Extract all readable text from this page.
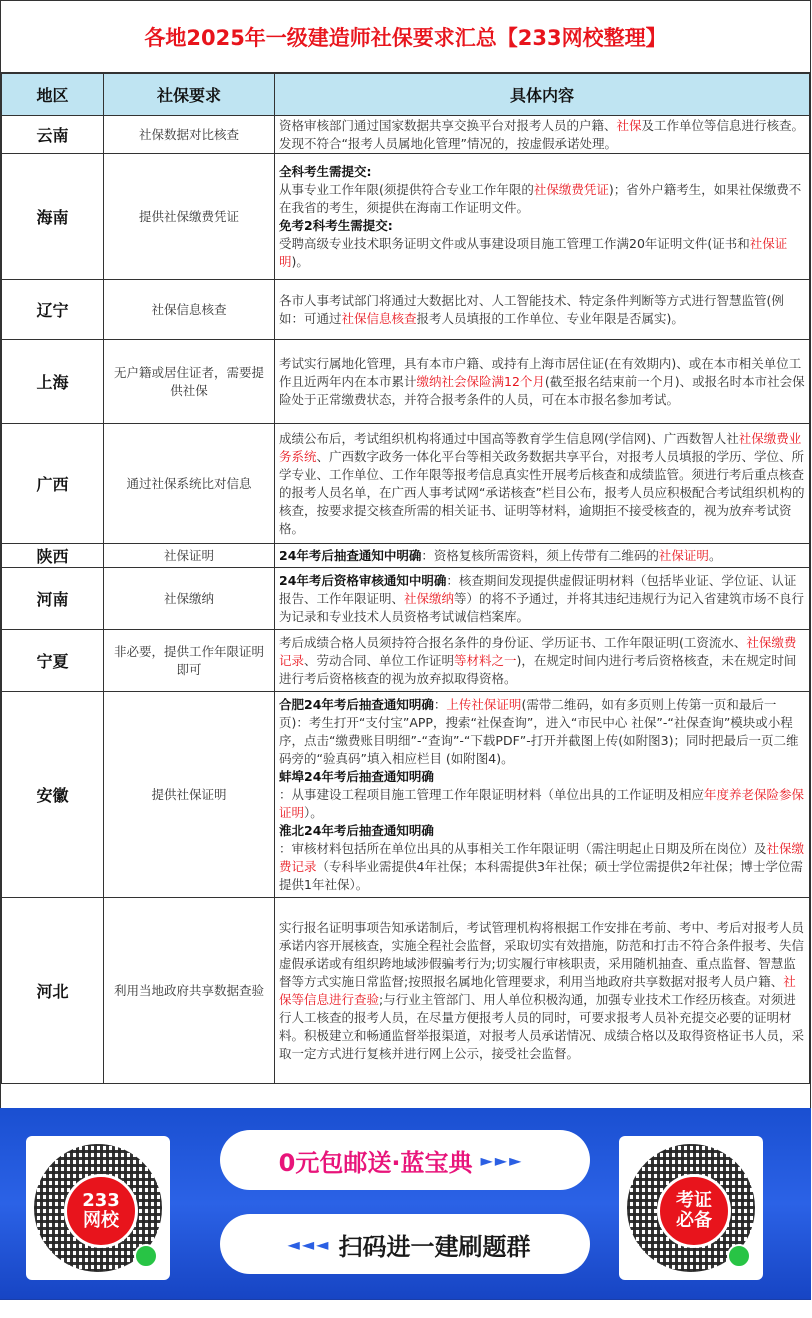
各地2025年一级建造师社保要求汇总【233网校整理】
地区	社保要求	具体内容
云南	社保数据对比核查	资格审核部门通过国家数据共享交换平台对报考人员的户籍、社保及工作单位等信息进行核查。发现不符合“报考人员属地化管理”情况的，按虚假承诺处理。
海南	提供社保缴费凭证	全科考生需提交:
从事专业工作年限(须提供符合专业工作年限的社保缴费凭证)；省外户籍考生，如果社保缴费不在我省的考生，须提供在海南工作证明文件。
免考2科考生需提交:
受聘高级专业技术职务证明文件或从事建设项目施工管理工作满20年证明文件(证书和社保证明)。
辽宁	社保信息核查	各市人事考试部门将通过大数据比对、人工智能技术、特定条件判断等方式进行智慧监管(例如：可通过社保信息核查报考人员填报的工作单位、专业年限是否属实)。
上海	无户籍或居住证者，需要提供社保	考试实行属地化管理，具有本市户籍、或持有上海市居住证(在有效期内)、或在本市相关单位工作且近两年内在本市累计缴纳社会保险满12个月(截至报名结束前一个月)、或报名时本市社会保险处于正常缴费状态，并符合报考条件的人员，可在本市报名参加考试。
广西	通过社保系统比对信息	成绩公布后，考试组织机构将通过中国高等教育学生信息网(学信网)、广西数智人社社保缴费业务系统、广西数字政务一体化平台等相关政务数据共享平台，对报考人员填报的学历、学位、所学专业、工作单位、工作年限等报考信息真实性开展考后核查和成绩监管。须进行考后重点核查的报考人员名单，在广西人事考试网“承诺核查”栏目公布，报考人员应积极配合考试组织机构的核查，按要求提交核查所需的相关证书、证明等材料，逾期拒不接受核查的，视为放弃考试资格。
陕西	社保证明	24年考后抽查通知中明确：资格复核所需资料，须上传带有二维码的社保证明。
河南	社保缴纳	24年考后资格审核通知中明确：核查期间发现提供虚假证明材料（包括毕业证、学位证、认证报告、工作年限证明、社保缴纳等）的将不予通过，并将其违纪违规行为记入省建筑市场不良行为记录和专业技术人员资格考试诚信档案库。
宁夏	非必要，提供工作年限证明即可	考后成绩合格人员须持符合报名条件的身份证、学历证书、工作年限证明(工资流水、社保缴费记录、劳动合同、单位工作证明等材料之一)，在规定时间内进行考后资格核查，未在规定时间进行考后资格核查的视为放弃拟取得资格。
安徽	提供社保证明	合肥24年考后抽查通知明确：上传社保证明(需带二维码，如有多页则上传第一页和最后一页)：考生打开“支付宝”APP，搜索“社保查询”，进入“市民中心 社保”-“社保查询”模块或小程序，点击“缴费账目明细”-“查询”-“下载PDF”-打开并截图上传(如附图3)；同时把最后一页二维码旁的“验真码”填入相应栏目 (如附图4)。
蚌埠24年考后抽查通知明确
：从事建设工程项目施工管理工作年限证明材料（单位出具的工作证明及相应年度养老保险参保证明）。
淮北24年考后抽查通知明确
：审核材料包括所在单位出具的从事相关工作年限证明（需注明起止日期及所在岗位）及社保缴费记录（专科毕业需提供4年社保；本科需提供3年社保；硕士学位需提供2年社保；博士学位需提供1年社保）。
河北	利用当地政府共享数据查验	实行报名证明事项告知承诺制后，考试管理机构将根据工作安排在考前、考中、考后对报考人员承诺内容开展核查，实施全程社会监督，采取切实有效措施，防范和打击不符合条件报考、失信虚假承诺或有组织跨地域涉假骗考行为;切实履行审核职责，采用随机抽查、重点监督、智慧监督等方式实施日常监督;按照报名属地化管理要求，利用当地政府共享数据对报考人员户籍、社保等信息进行查验;与行业主管部门、用人单位积极沟通，加强专业技术工作经历核查。对须进行人工核查的报考人员，在尽量方便报考人员的同时，可要求报考人员补充提交必要的证明材料。积极建立和畅通监督举报渠道，对报考人员承诺情况、成绩合格以及取得资格证书人员，采取一定方式进行复核并进行网上公示，接受社会监督。
233
网校
0元包邮送·蓝宝典 ►►►
◄◄◄ 扫码进一建刷题群
考证
必备
